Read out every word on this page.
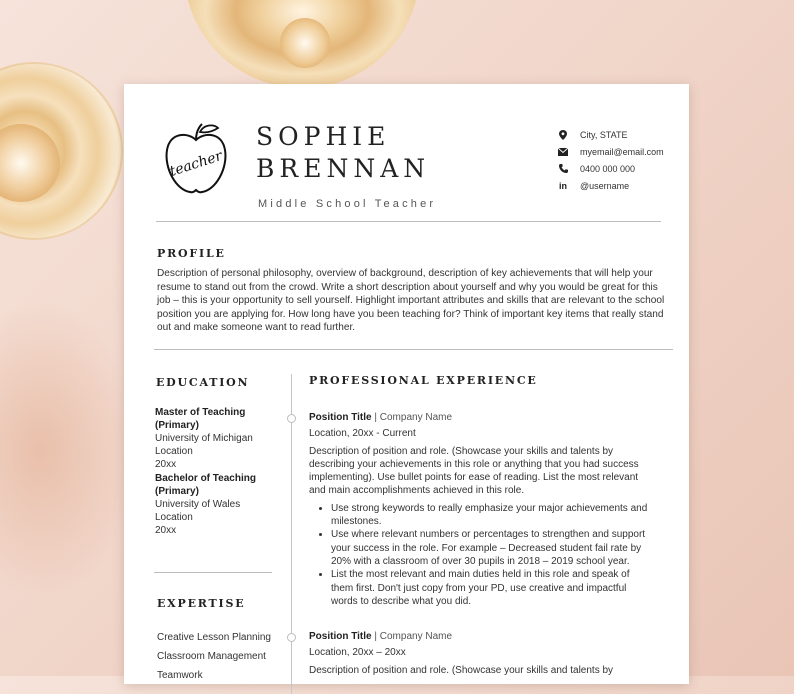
teacher
SOPHIE
BRENNAN
Middle School Teacher
City, STATE
myemail@email.com
0400 000 000
in @username
PROFILE
Description of personal philosophy, overview of background, description of key achievements that will help your resume to stand out from the crowd. Write a short description about yourself and why you would be great for this job – this is your opportunity to sell yourself. Highlight important attributes and skills that are relevant to the school position you are applying for. How long have you been teaching for? Think of important key items that really stand out and make someone want to read further.
EDUCATION
Master of Teaching (Primary)
University of Michigan
Location
20xx
Bachelor of Teaching (Primary)
University of Wales
Location
20xx
EXPERTISE
Creative Lesson Planning
Classroom Management
Teamwork
PROFESSIONAL EXPERIENCE
Position Title | Company Name
Location, 20xx - Current
Description of position and role. (Showcase your skills and talents by describing your achievements in this role or anything that you had success implementing). Use bullet points for ease of reading. List the most relevant and main accomplishments achieved in this role.
• Use strong keywords to really emphasize your major achievements and milestones.
• Use where relevant numbers or percentages to strengthen and support your success in the role. For example – Decreased student fail rate by 20% with a classroom of over 30 pupils in 2018 – 2019 school year.
• List the most relevant and main duties held in this role and speak of them first. Don't just copy from your PD, use creative and impactful words to describe what you did.
Position Title | Company Name
Location, 20xx – 20xx
Description of position and role. (Showcase your skills and talents by
